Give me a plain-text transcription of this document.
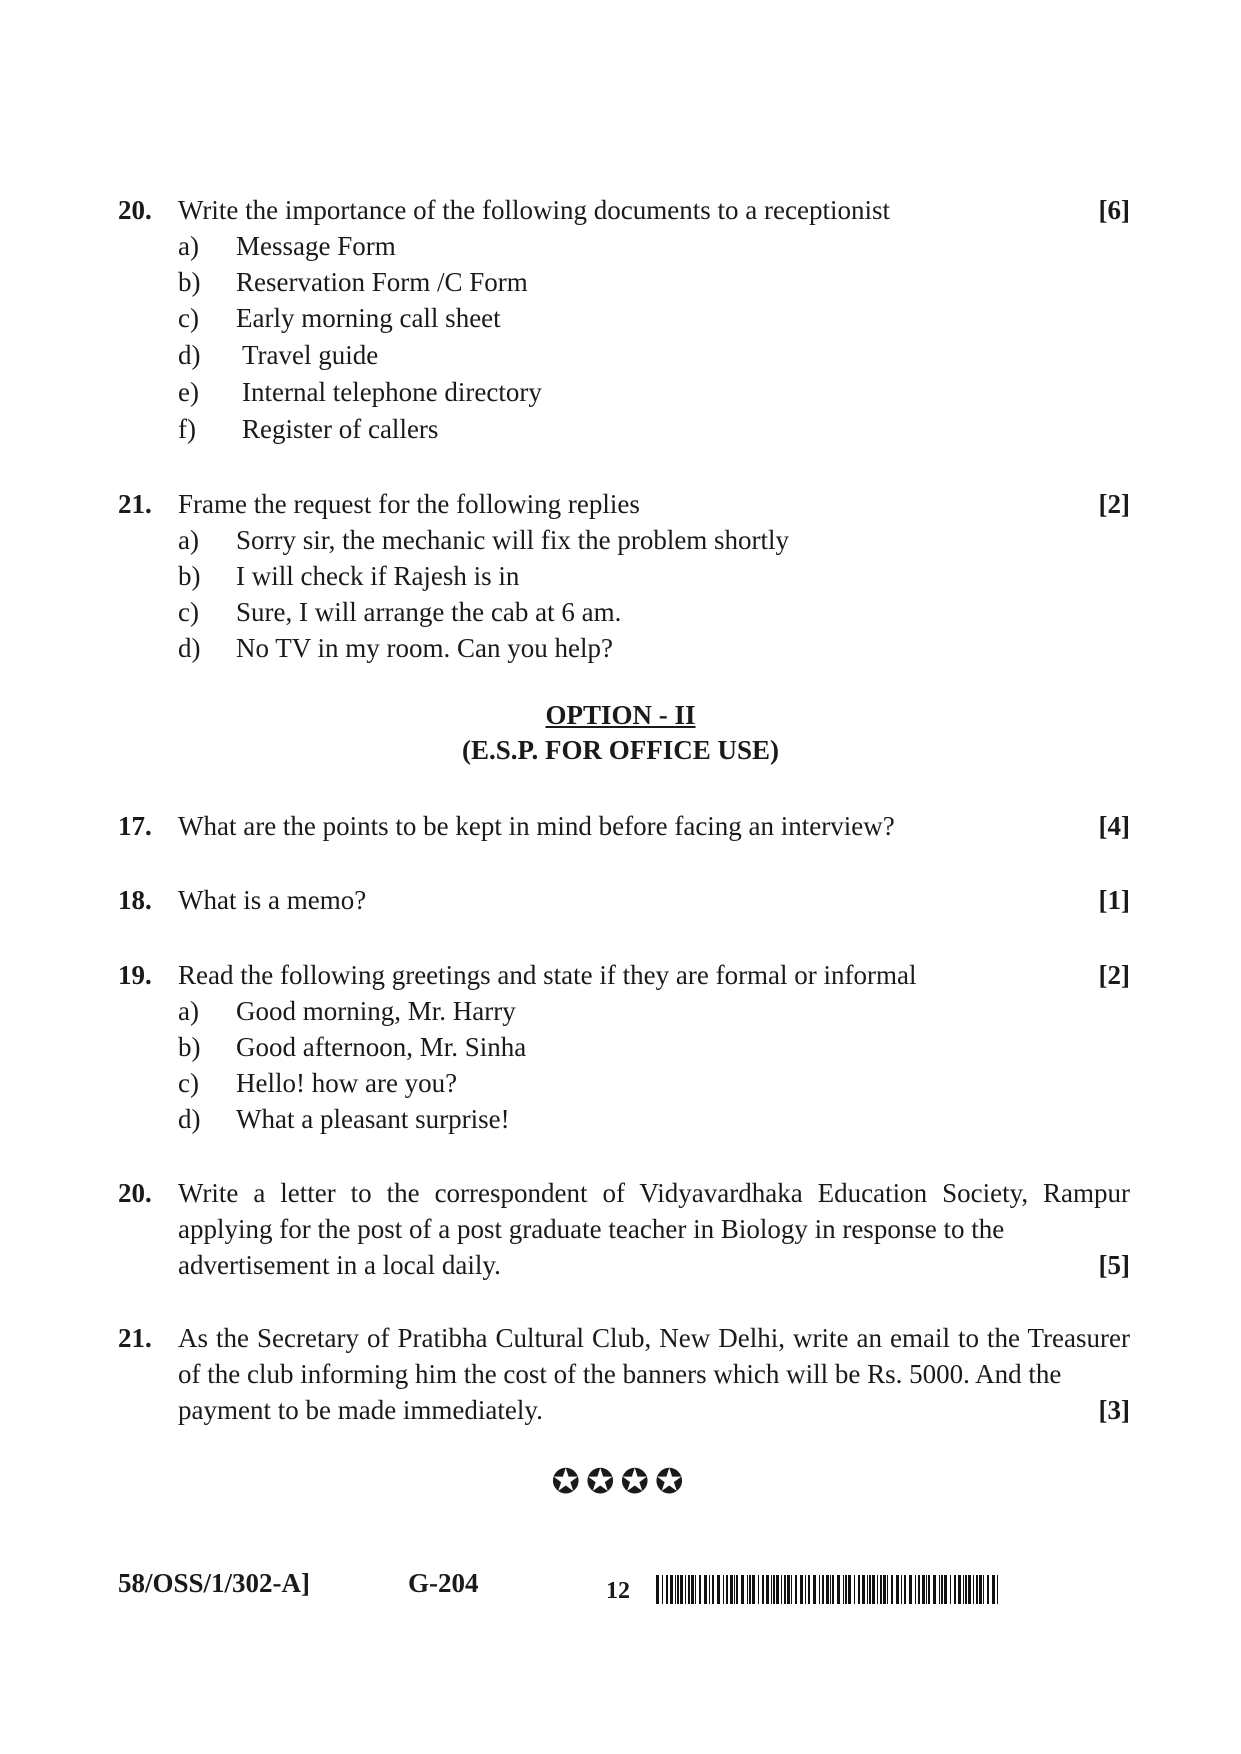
20. Write the importance of the following documents to a receptionist	[6]
a)	Message Form
b)	Reservation Form /C Form
c)	Early morning call sheet
d)	Travel guide
e)	Internal telephone directory
f)	Register of callers
21. Frame the request for the following replies	[2]
a)	Sorry sir, the mechanic will fix the problem shortly
b)	I will check if Rajesh is in
c)	Sure, I will arrange the cab at 6 am.
d)	No TV in my room. Can you help?
OPTION - II
(E.S.P. FOR OFFICE USE)
17. What are the points to be kept in mind before facing an interview?	[4]
18. What is a memo?	[1]
19. Read the following greetings and state if they are formal or informal	[2]
a)	Good morning, Mr. Harry
b)	Good afternoon, Mr. Sinha
c)	Hello! how are you?
d)	What a pleasant surprise!
20. Write a letter to the correspondent of Vidyavardhaka Education Society, Rampur applying for the post of a post graduate teacher in Biology in response to the
advertisement in a local daily.	[5]
21. As the Secretary of Pratibha Cultural Club, New Delhi, write an email to the Treasurer of the club informing him the cost of the banners which will be Rs. 5000. And the
payment to be made immediately.	[3]
✪✪✪✪
58/OSS/1/302-A]	G-204	12
